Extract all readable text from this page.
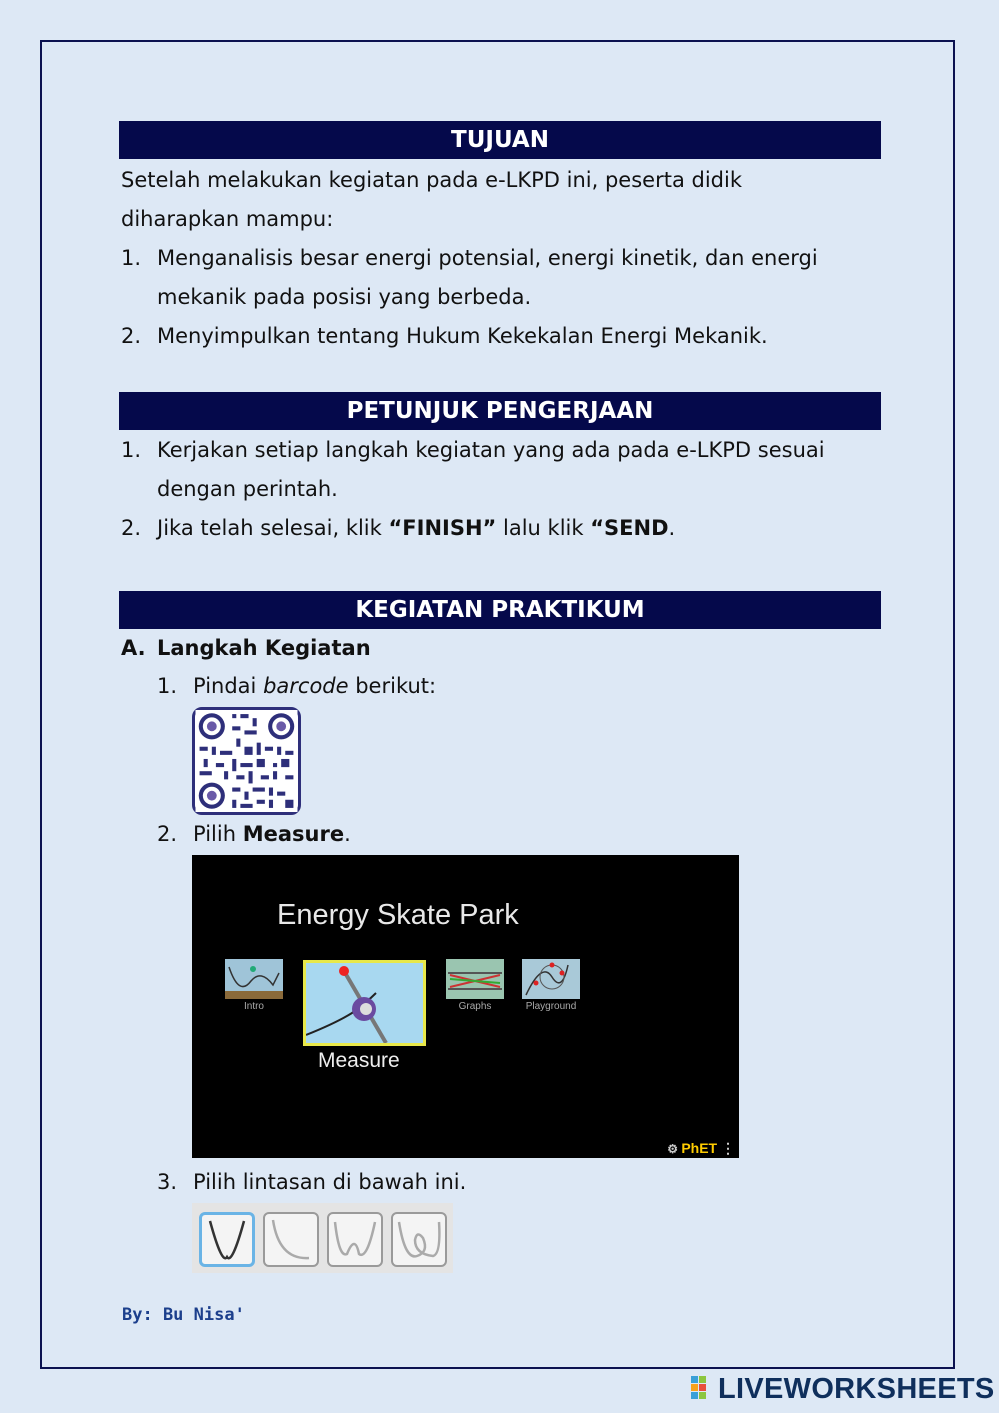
TUJUAN
Setelah melakukan kegiatan pada e-LKPD ini, peserta didik
diharapkan mampu:
1. Menganalisis besar energi potensial, energi kinetik, dan energi
mekanik pada posisi yang berbeda.
2. Menyimpulkan tentang Hukum Kekekalan Energi Mekanik.
PETUNJUK PENGERJAAN
1. Kerjakan setiap langkah kegiatan yang ada pada e-LKPD sesuai
dengan perintah.
2. Jika telah selesai, klik “FINISH” lalu klik “SEND.
KEGIATAN PRAKTIKUM
A. Langkah Kegiatan
1. Pindai barcode berikut:
2. Pilih Measure.
Energy Skate Park
Intro
Measure
Graphs	Playground
⚙ PhET ⋮
3. Pilih lintasan di bawah ini.
By: Bu Nisa'
LIVEWORKSHEETS
